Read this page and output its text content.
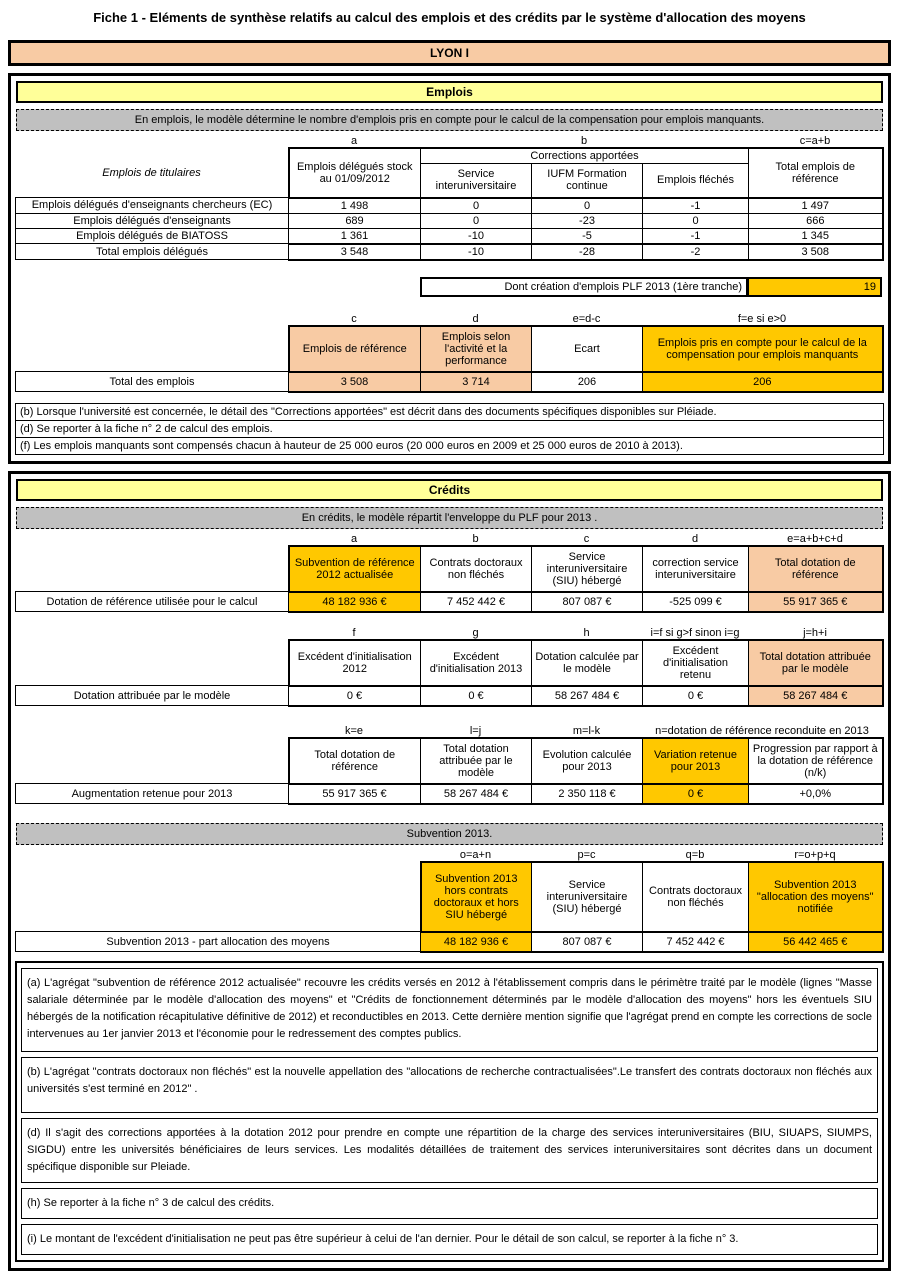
Fiche 1 - Eléments de synthèse relatifs au calcul des emplois et des crédits par le système d'allocation des moyens
LYON I
Emplois
En emplois, le modèle détermine le nombre d'emplois pris en compte pour le calcul de la compensation pour emplois manquants.
a	b	c=a+b
Emplois de titulaires	Emplois délégués stock au 01/09/2012	Corrections apportées			Total emplois de référence
		Service interuniversitaire	IUFM Formation continue	Emplois fléchés	
Emplois délégués d'enseignants chercheurs (EC)	1 498	0	0	-1	1 497
Emplois délégués d'enseignants	689	0	-23	0	666
Emplois délégués de BIATOSS	1 361	-10	-5	-1	1 345
Total emplois délégués	3 548	-10	-28	-2	3 508
Dont création d'emplois PLF 2013 (1ère tranche)	19
c	d	e=d-c	f=e si e>0
	Emplois de référence	Emplois selon l'activité et la performance	Ecart	Emplois pris en compte pour le calcul de la compensation pour emplois manquants
Total des emplois	3 508	3 714	206	206
(b) Lorsque l'université est concernée, le détail des "Corrections apportées" est décrit dans des documents spécifiques disponibles sur Pléiade.
(d) Se reporter à la fiche n° 2 de calcul des emplois.
(f) Les emplois manquants sont compensés chacun à hauteur de 25 000 euros (20 000 euros en 2009 et 25 000 euros de 2010 à 2013).
Crédits
En crédits, le modèle répartit l'enveloppe du PLF pour 2013 .
a	b	c	d	e=a+b+c+d
	Subvention de référence 2012 actualisée	Contrats doctoraux non fléchés	Service interuniversitaire (SIU) hébergé	correction service interuniversitaire	Total dotation de référence
Dotation de référence utilisée pour le calcul	48 182 936 €	7 452 442 €	807 087 €	-525 099 €	55 917 365 €
f	g	h	i=f si g>f sinon i=g	j=h+i
	Excédent d'initialisation 2012	Excédent d'initialisation 2013	Dotation calculée par le modèle	Excédent d'initialisation retenu	Total dotation attribuée par le modèle
Dotation attribuée par le modèle	0 €	0 €	58 267 484 €	0 €	58 267 484 €
k=e	l=j	m=l-k	n=dotation de référence reconduite en 2013
	Total dotation de référence	Total dotation attribuée par le modèle	Evolution calculée pour 2013	Variation retenue pour 2013	Progression par rapport à la dotation de référence (n/k)
Augmentation retenue pour 2013	55 917 365 €	58 267 484 €	2 350 118 €	0 €	+0,0%
Subvention 2013.
o=a+n	p=c	q=b	r=o+p+q
	Subvention 2013 hors contrats doctoraux et hors SIU hébergé	Service interuniversitaire (SIU) hébergé	Contrats doctoraux non fléchés	Subvention 2013 "allocation des moyens" notifiée
Subvention 2013 - part allocation des moyens	48 182 936 €	807 087 €	7 452 442 €	56 442 465 €
(a) L'agrégat "subvention de référence 2012 actualisée" recouvre les crédits versés en 2012 à l'établissement compris dans le périmètre traité par le modèle (lignes "Masse salariale déterminée par le modèle d'allocation des moyens" et "Crédits de fonctionnement déterminés par le modèle d'allocation des moyens" hors les éventuels SIU hébergés de la notification récapitulative définitive de 2012) et reconductibles en 2013. Cette dernière mention signifie que l'agrégat prend en compte les corrections de socle intervenues au 1er janvier 2013 et l'économie pour le redressement des comptes publics.
(b) L'agrégat "contrats doctoraux non fléchés" est la nouvelle appellation des "allocations de recherche contractualisées".Le transfert des contrats doctoraux non fléchés aux universités s'est terminé en 2012" .
(d) Il s'agit des corrections apportées à la dotation 2012 pour prendre en compte une répartition de la charge des services interuniversitaires (BIU, SIUAPS, SIUMPS, SIGDU) entre les universités bénéficiaires de leurs services. Les modalités détaillées de traitement des services interuniversitaires sont décrites dans un document spécifique disponible sur Pleiade.
(h) Se reporter à la fiche n° 3 de calcul des crédits.
(i) Le montant de l'excédent d'initialisation ne peut pas être supérieur à celui de l'an dernier. Pour le détail de son calcul, se reporter à la fiche n° 3.
